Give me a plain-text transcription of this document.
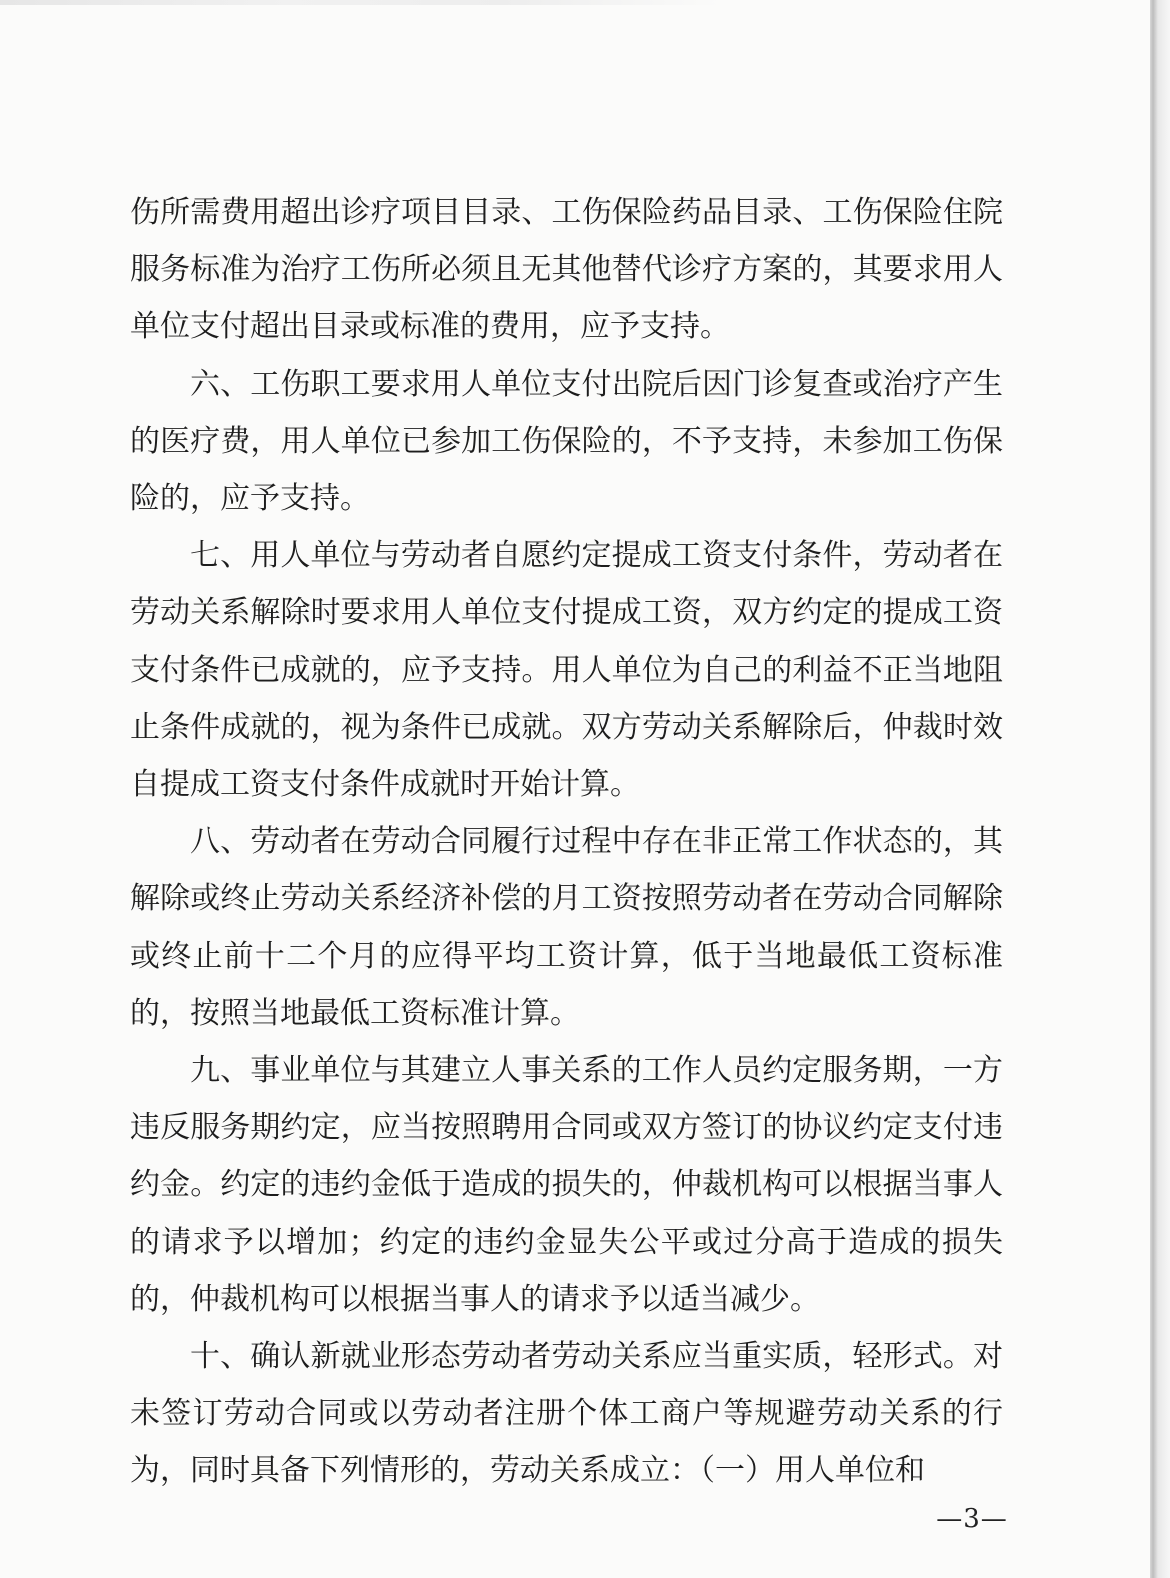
伤所需费用超出诊疗项目目录、工伤保险药品目录、工伤保险住院服务标准为治疗工伤所必须且无其他替代诊疗方案的，其要求用人单位支付超出目录或标准的费用，应予支持。

六、工伤职工要求用人单位支付出院后因门诊复查或治疗产生的医疗费，用人单位已参加工伤保险的，不予支持，未参加工伤保险的，应予支持。

七、用人单位与劳动者自愿约定提成工资支付条件，劳动者在劳动关系解除时要求用人单位支付提成工资，双方约定的提成工资支付条件已成就的，应予支持。用人单位为自己的利益不正当地阻止条件成就的，视为条件已成就。双方劳动关系解除后，仲裁时效自提成工资支付条件成就时开始计算。

八、劳动者在劳动合同履行过程中存在非正常工作状态的，其解除或终止劳动关系经济补偿的月工资按照劳动者在劳动合同解除或终止前十二个月的应得平均工资计算，低于当地最低工资标准的，按照当地最低工资标准计算。

九、事业单位与其建立人事关系的工作人员约定服务期，一方违反服务期约定，应当按照聘用合同或双方签订的协议约定支付违约金。约定的违约金低于造成的损失的，仲裁机构可以根据当事人的请求予以增加；约定的违约金显失公平或过分高于造成的损失的，仲裁机构可以根据当事人的请求予以适当减少。

十、确认新就业形态劳动者劳动关系应当重实质，轻形式。对未签订劳动合同或以劳动者注册个体工商户等规避劳动关系的行为，同时具备下列情形的，劳动关系成立：（一）用人单位和

—3—
